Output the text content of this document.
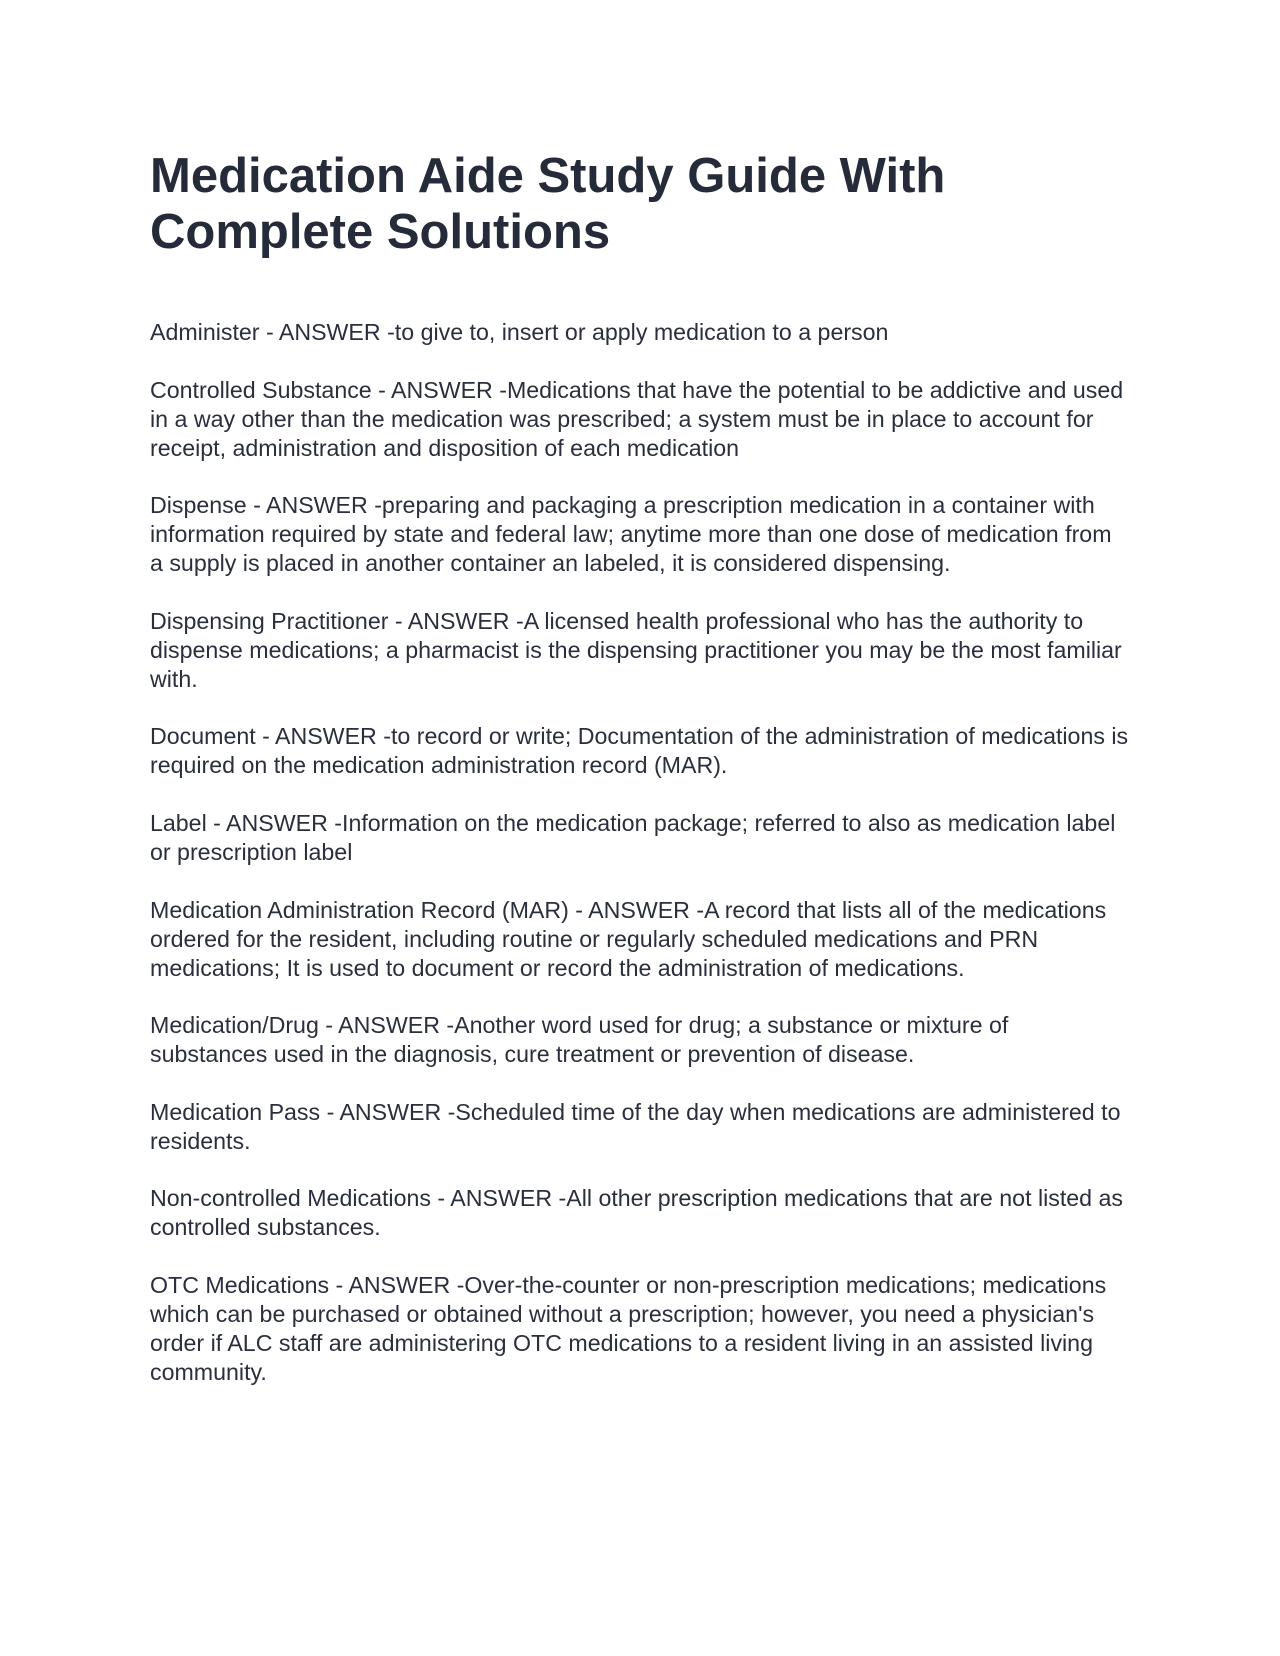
Medication Aide Study Guide With
Complete Solutions

Administer - ANSWER -to give to, insert or apply medication to a person

Controlled Substance - ANSWER -Medications that have the potential to be addictive and used in a way other than the medication was prescribed; a system must be in place to account for receipt, administration and disposition of each medication

Dispense - ANSWER -preparing and packaging a prescription medication in a container with information required by state and federal law; anytime more than one dose of medication from a supply is placed in another container an labeled, it is considered dispensing.

Dispensing Practitioner - ANSWER -A licensed health professional who has the authority to dispense medications; a pharmacist is the dispensing practitioner you may be the most familiar with.

Document - ANSWER -to record or write; Documentation of the administration of medications is required on the medication administration record (MAR).

Label - ANSWER -Information on the medication package; referred to also as medication label or prescription label

Medication Administration Record (MAR) - ANSWER -A record that lists all of the medications ordered for the resident, including routine or regularly scheduled medications and PRN medications; It is used to document or record the administration of medications.

Medication/Drug - ANSWER -Another word used for drug; a substance or mixture of substances used in the diagnosis, cure treatment or prevention of disease.

Medication Pass - ANSWER -Scheduled time of the day when medications are administered to residents.

Non-controlled Medications - ANSWER -All other prescription medications that are not listed as controlled substances.

OTC Medications - ANSWER -Over-the-counter or non-prescription medications; medications which can be purchased or obtained without a prescription; however, you need a physician's order if ALC staff are administering OTC medications to a resident living in an assisted living community.
